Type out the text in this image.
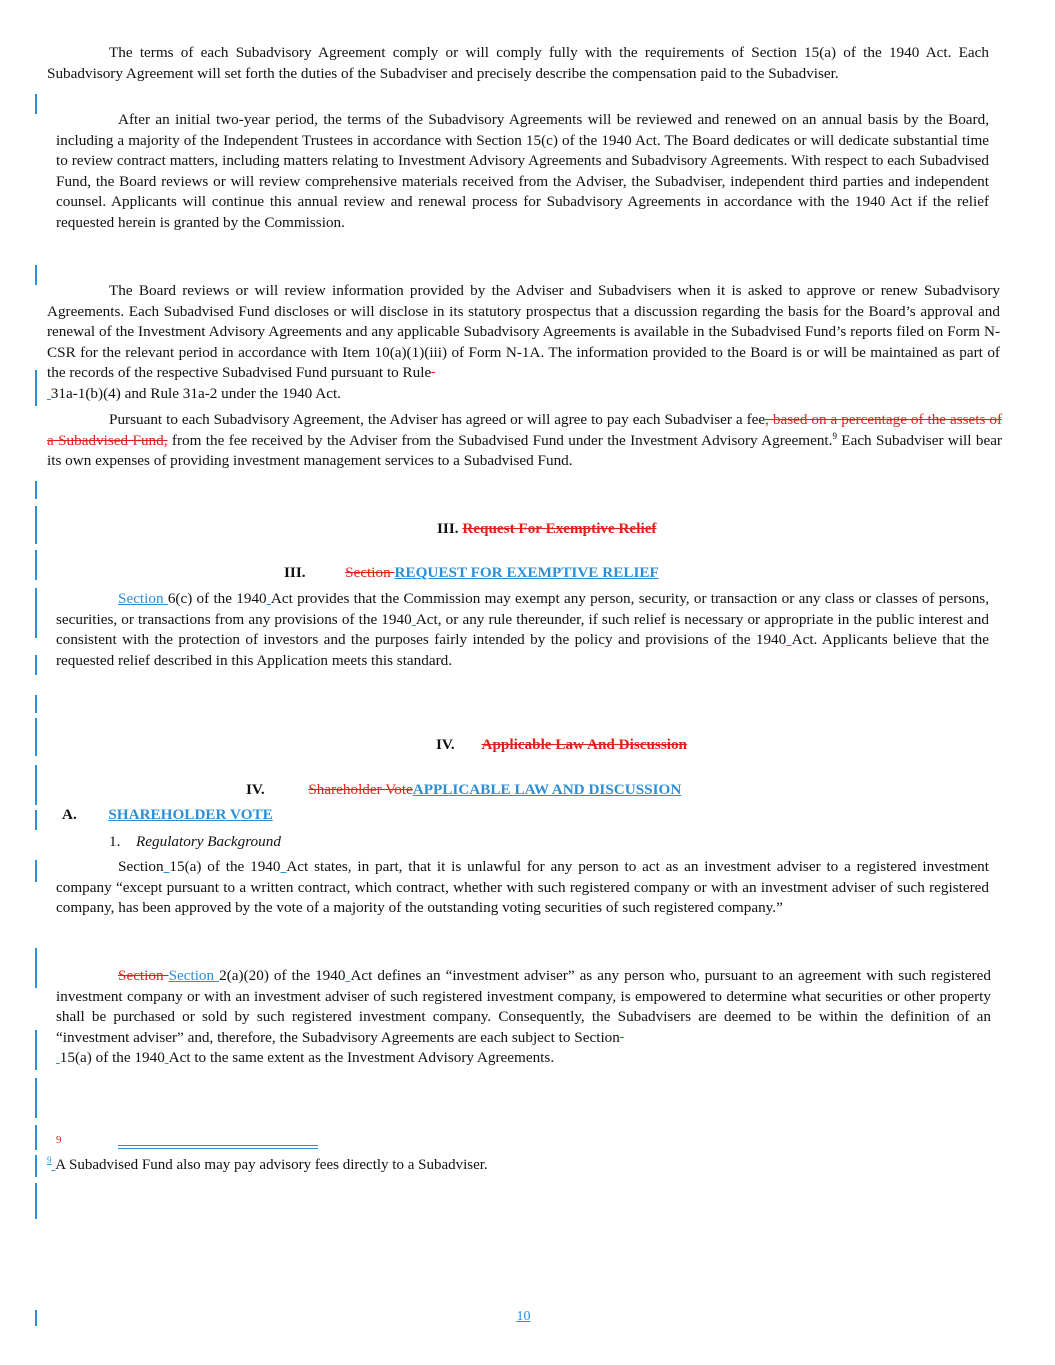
The terms of each Subadvisory Agreement comply or will comply fully with the requirements of Section 15(a) of the 1940 Act. Each Subadvisory Agreement will set forth the duties of the Subadviser and precisely describe the compensation paid to the Subadviser.
After an initial two-year period, the terms of the Subadvisory Agreements will be reviewed and renewed on an annual basis by the Board, including a majority of the Independent Trustees in accordance with Section 15(c) of the 1940 Act. The Board dedicates or will dedicate substantial time to review contract matters, including matters relating to Investment Advisory Agreements and Subadvisory Agreements. With respect to each Subadvised Fund, the Board reviews or will review comprehensive materials received from the Adviser, the Subadviser, independent third parties and independent counsel. Applicants will continue this annual review and renewal process for Subadvisory Agreements in accordance with the 1940 Act if the relief requested herein is granted by the Commission.
The Board reviews or will review information provided by the Adviser and Subadvisers when it is asked to approve or renew Subadvisory Agreements. Each Subadvised Fund discloses or will disclose in its statutory prospectus that a discussion regarding the basis for the Board’s approval and renewal of the Investment Advisory Agreements and any applicable Subadvisory Agreements is available in the Subadvised Fund’s reports filed on Form N-CSR for the relevant period in accordance with Item 10(a)(1)(iii) of Form N-1A. The information provided to the Board is or will be maintained as part of the records of the respective Subadvised Fund pursuant to Rule
31a-1(b)(4) and Rule 31a-2 under the 1940 Act.
Pursuant to each Subadvisory Agreement, the Adviser has agreed or will agree to pay each Subadviser a fee, based on a percentage of the assets of a Subadvised Fund, from the fee received by the Adviser from the Subadvised Fund under the Investment Advisory Agreement.$^9$ Each Subadviser will bear its own expenses of providing investment management services to a Subadvised Fund.
III. Request For Exemptive Relief
III.	Section REQUEST FOR EXEMPTIVE RELIEF
Section 6(c) of the 1940 Act provides that the Commission may exempt any person, security, or transaction or any class or classes of persons, securities, or transactions from any provisions of the 1940 Act, or any rule thereunder, if such relief is necessary or appropriate in the public interest and consistent with the protection of investors and the purposes fairly intended by the policy and provisions of the 1940 Act. Applicants believe that the requested relief described in this Application meets this standard.
IV. Applicable Law And Discussion
IV.	Shareholder VoteAPPLICABLE LAW AND DISCUSSION
A. SHAREHOLDER VOTE
1. Regulatory Background
Section 15(a) of the 1940 Act states, in part, that it is unlawful for any person to act as an investment adviser to a registered investment company “except pursuant to a written contract, which contract, whether with such registered company or with an investment adviser of such registered company, has been approved by the vote of a majority of the outstanding voting securities of such registered company.”
Section Section 2(a)(20) of the 1940 Act defines an “investment adviser” as any person who, pursuant to an agreement with such registered investment company or with an investment adviser of such registered investment company, is empowered to determine what securities or other property shall be purchased or sold by such registered investment company. Consequently, the Subadvisers are deemed to be within the definition of an “investment adviser” and, therefore, the Subadvisory Agreements are each subject to Section
15(a) of the 1940 Act to the same extent as the Investment Advisory Agreements.
9
$^9$ A Subadvised Fund also may pay advisory fees directly to a Subadviser.
10
